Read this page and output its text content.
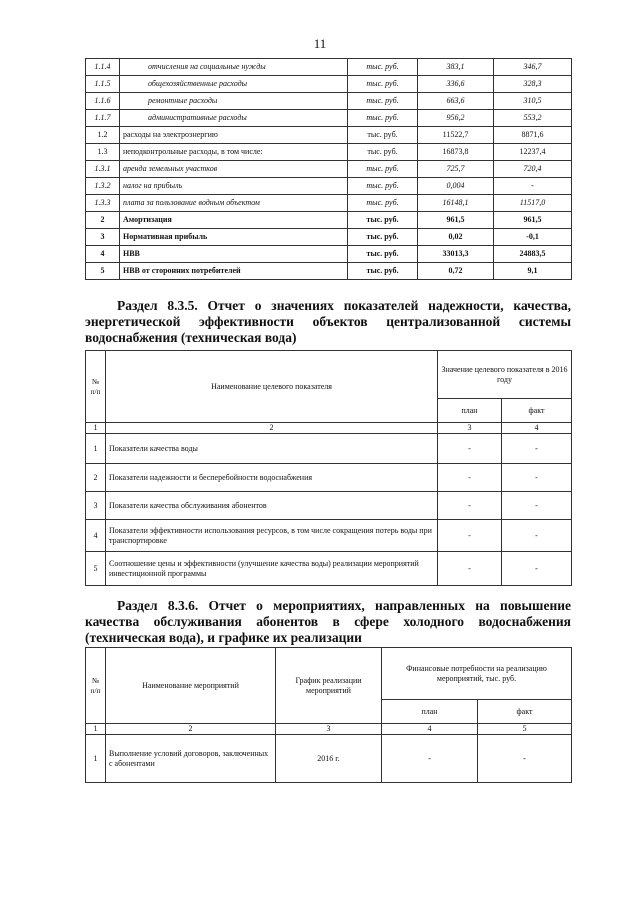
11
1.1.4	отчисления на социальные нужды	тыс. руб.	383,1	346,7
1.1.5	общехозяйственные расходы	тыс. руб.	336,6	328,3
1.1.6	ремонтные расходы	тыс. руб.	663,6	310,5
1.1.7	административные расходы	тыс. руб.	956,2	553,2
1.2	расходы на электроэнергию	тыс. руб.	11522,7	8871,6
1.3	неподконтрольные расходы, в том числе:	тыс. руб.	16873,8	12237,4
1.3.1	аренда земельных участков	тыс. руб.	725,7	720,4
1.3.2	налог на прибыль	тыс. руб.	0,004	-
1.3.3	плата за пользование водным объектом	тыс. руб.	16148,1	11517,0
2	Амортизация	тыс. руб.	961,5	961,5
3	Нормативная прибыль	тыс. руб.	0,02	-0,1
4	НВВ	тыс. руб.	33013,3	24883,5
5	НВВ от сторонних потребителей	тыс. руб.	0,72	9,1
Раздел 8.3.5. Отчет о значениях показателей надежности, качества, энергетической эффективности объектов централизованной системы водоснабжения (техническая вода)
№ п/п	Наименование целевого показателя	Значение целевого показателя в 2016 году	
		план	факт
1	2	3	4
1	Показатели качества воды	-	-
2	Показатели надежности и бесперебойности водоснабжения	-	-
3	Показатели качества обслуживания абонентов	-	-
4	Показатели эффективности использования ресурсов, в том числе сокращения потерь воды при транспортировке	-	-
5	Соотношение цены и эффективности (улучшение качества воды) реализации мероприятий инвестиционной программы	-	-
Раздел 8.3.6. Отчет о мероприятиях, направленных на повышение качества обслуживания абонентов в сфере холодного водоснабжения (техническая вода), и графике их реализации
№ п/п	Наименование мероприятий	График реализации мероприятий	Финансовые потребности на реализацию мероприятий, тыс. руб.	
			план	факт
1	2	3	4	5
1	Выполнение условий договоров, заключенных с абонентами	2016 г.	-	-
